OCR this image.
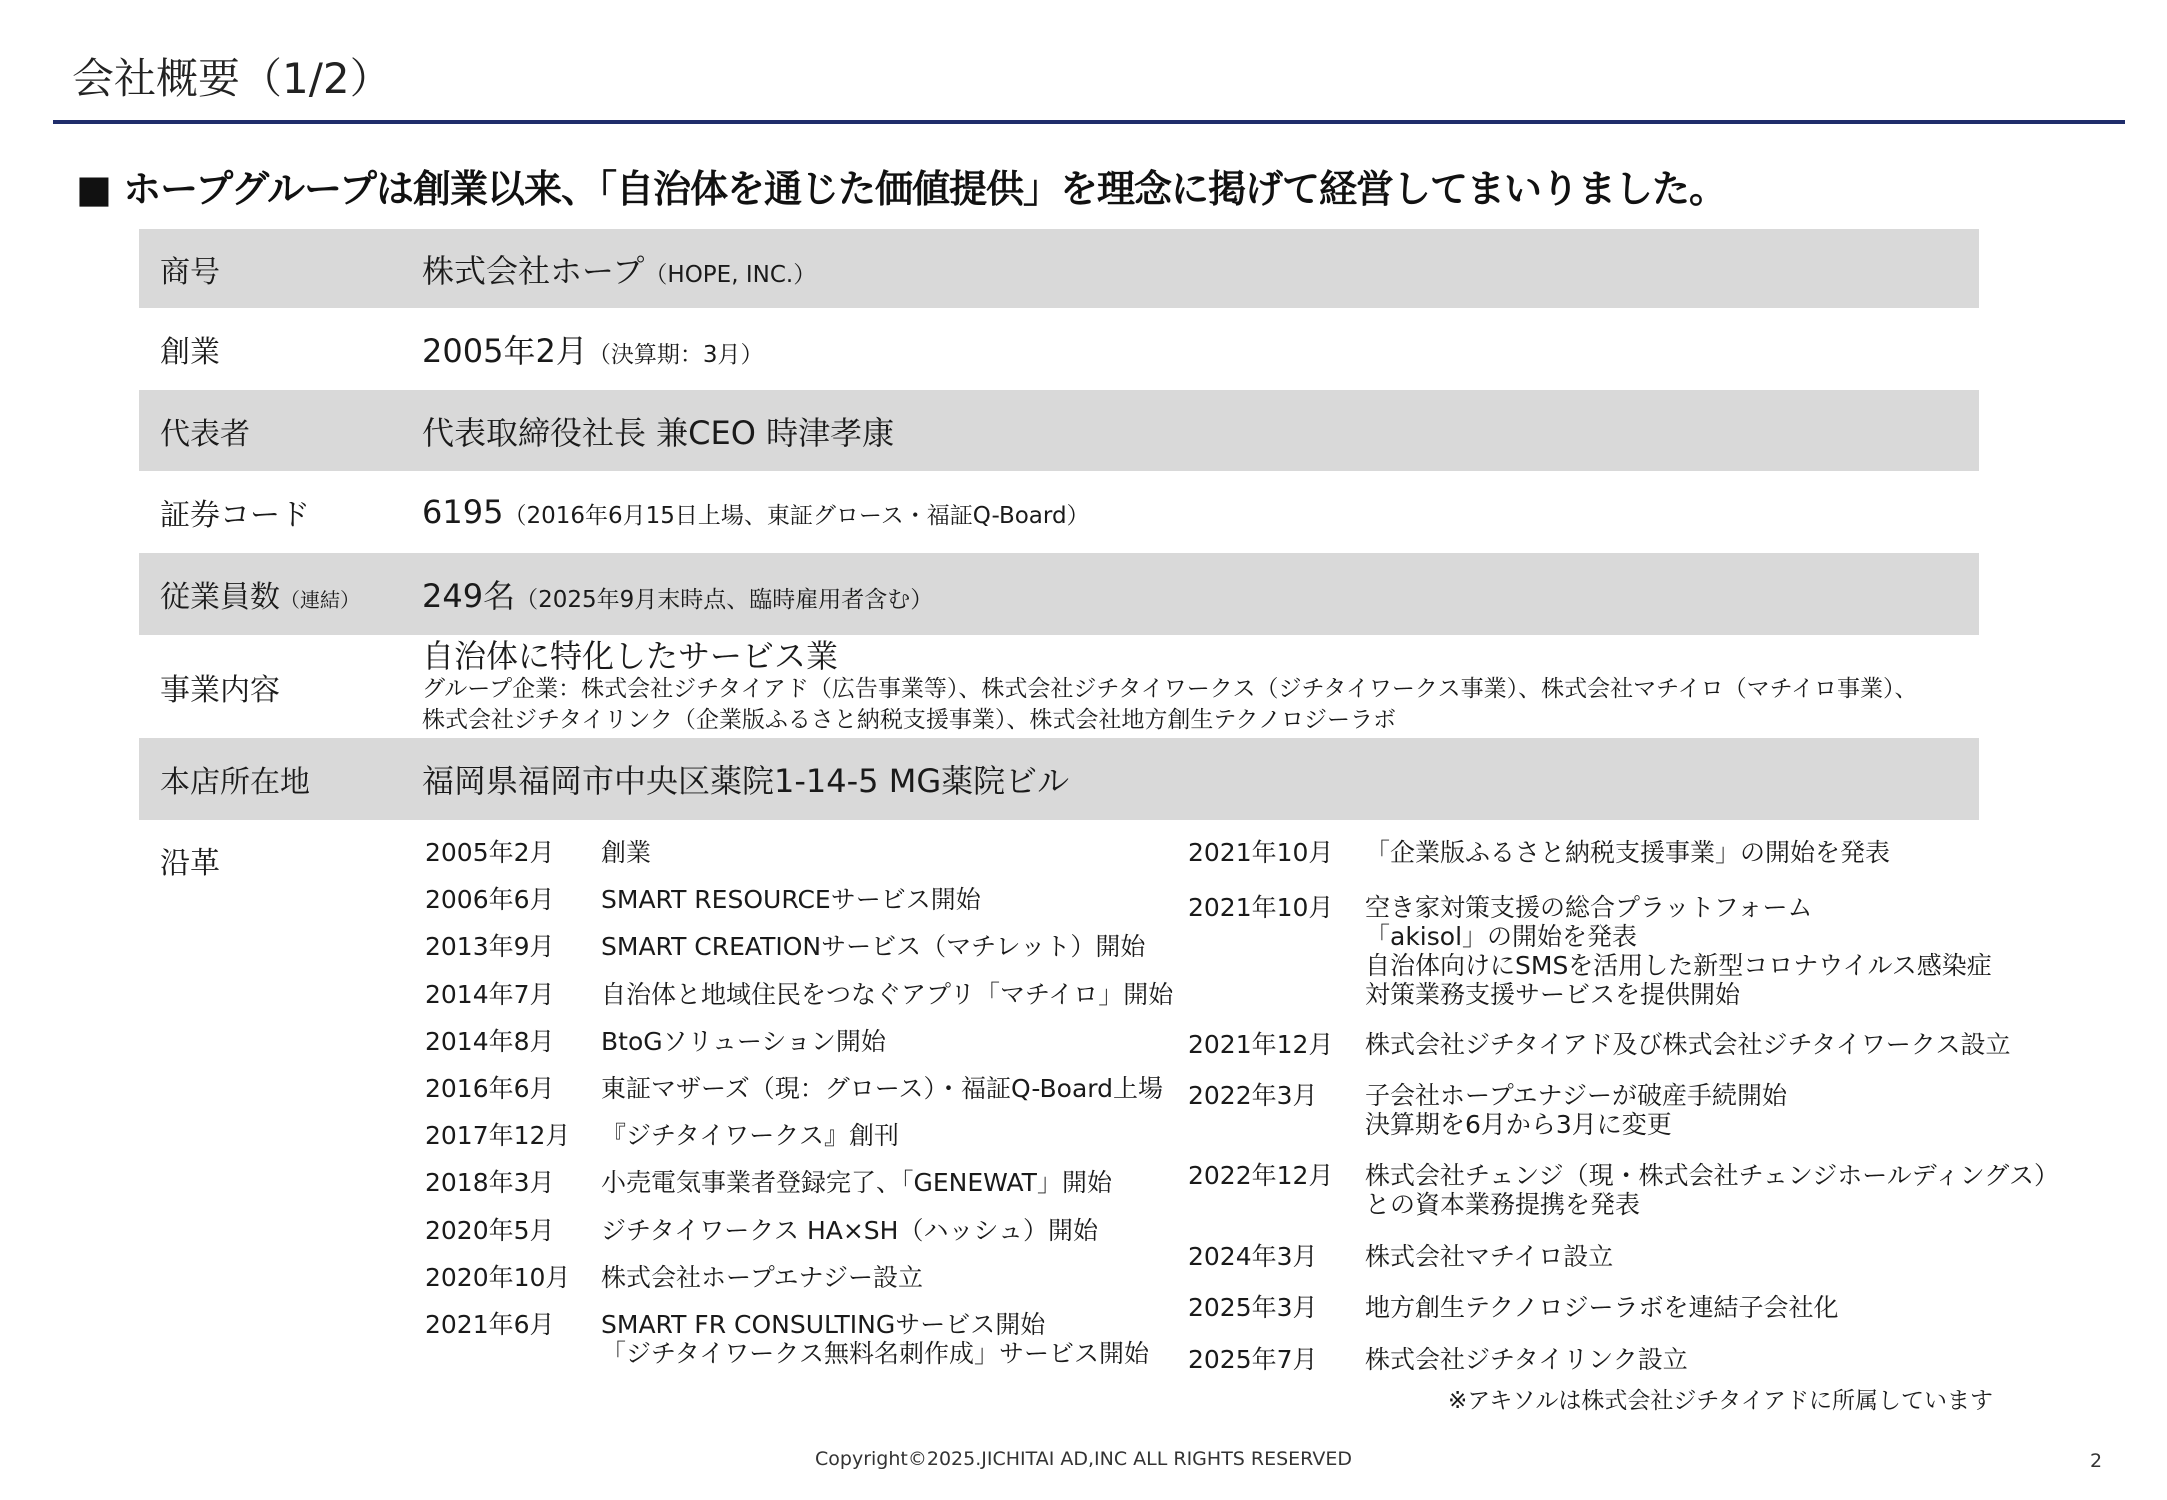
会社概要（1/2）
■ ホープグループは創業以来、「自治体を通じた価値提供」を理念に掲げて経営してまいりました。
商号	株式会社ホープ（HOPE, INC.）
創業	2005年2月（決算期：3月）
代表者	代表取締役社長 兼CEO 時津孝康
証券コード	6195（2016年6月15日上場、東証グロース・福証Q-Board）
従業員数（連結） 249名（2025年9月末時点、臨時雇用者含む）
事業内容
自治体に特化したサービス業
グループ企業：株式会社ジチタイアド（広告事業等）、株式会社ジチタイワークス（ジチタイワークス事業）、株式会社マチイロ（マチイロ事業）、
株式会社ジチタイリンク（企業版ふるさと納税支援事業）、株式会社地方創生テクノロジーラボ
本店所在地	福岡県福岡市中央区薬院1-14-5 MG薬院ビル
沿革	2005年2月 創業
2006年6月 SMART RESOURCEサービス開始
2013年9月 SMART CREATIONサービス（マチレット）開始
2014年7月 自治体と地域住民をつなぐアプリ「マチイロ」開始
2014年8月 BtoGソリューション開始
2016年6月 東証マザーズ（現：グロース）・福証Q-Board上場
2017年12月 『ジチタイワークス』創刊
2018年3月 小売電気事業者登録完了、「GENEWAT」開始
2020年5月 ジチタイワークス HA×SH（ハッシュ）開始
2020年10月 株式会社ホープエナジー設立
2021年6月 SMART FR CONSULTINGサービス開始
「ジチタイワークス無料名刺作成」サービス開始
2021年10月 「企業版ふるさと納税支援事業」の開始を発表
2021年10月 空き家対策支援の総合プラットフォーム
「akisol」の開始を発表
自治体向けにSMSを活用した新型コロナウイルス感染症
対策業務支援サービスを提供開始
2021年12月 株式会社ジチタイアド及び株式会社ジチタイワークス設立
2022年3月 子会社ホープエナジーが破産手続開始
決算期を6月から3月に変更
2022年12月 株式会社チェンジ（現・株式会社チェンジホールディングス）
との資本業務提携を発表
2024年3月 株式会社マチイロ設立
2025年3月 地方創生テクノロジーラボを連結子会社化
2025年7月 株式会社ジチタイリンク設立
※アキソルは株式会社ジチタイアドに所属しています
Copyright©2025.JICHITAI AD,INC ALL RIGHTS RESERVED	2
